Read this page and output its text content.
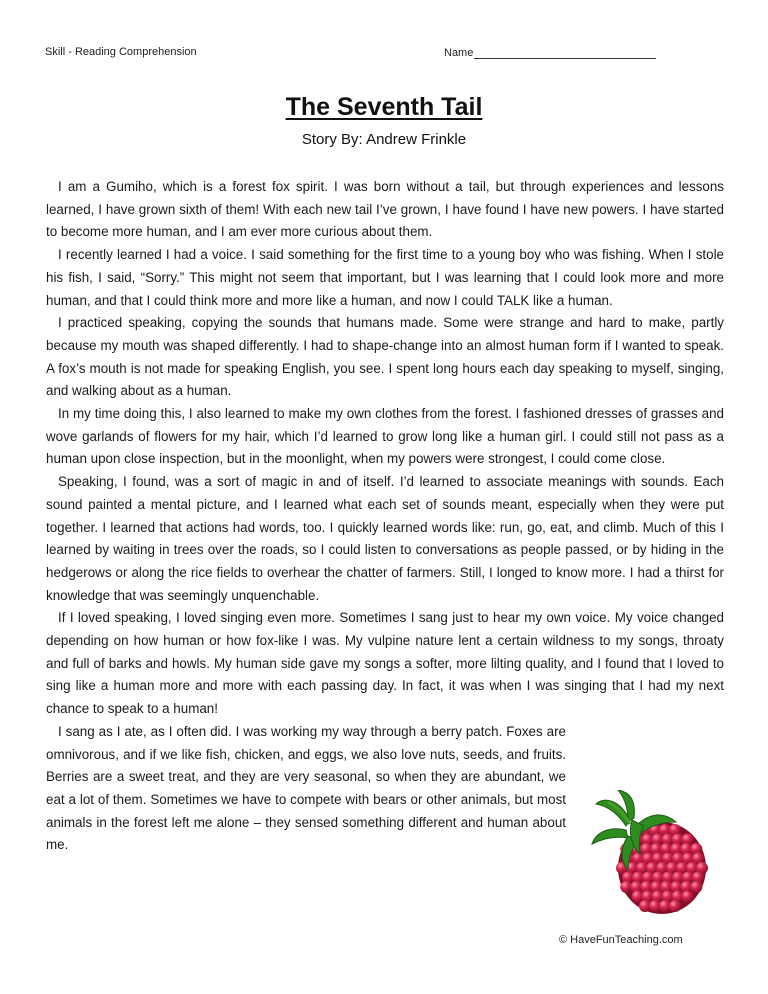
Skill - Reading Comprehension	Name
The Seventh Tail
Story By: Andrew Frinkle

I am a Gumiho, which is a forest fox spirit. I was born without a tail, but through experiences and lessons learned, I have grown sixth of them! With each new tail I’ve grown, I have found I have new powers. I have started to become more human, and I am ever more curious about them.

I recently learned I had a voice. I said something for the first time to a young boy who was fishing. When I stole his fish, I said, “Sorry.” This might not seem that important, but I was learning that I could look more and more human, and that I could think more and more like a human, and now I could TALK like a human.

I practiced speaking, copying the sounds that humans made. Some were strange and hard to make, partly because my mouth was shaped differently. I had to shape-change into an almost human form if I wanted to speak. A fox’s mouth is not made for speaking English, you see. I spent long hours each day speaking to myself, singing, and walking about as a human.

In my time doing this, I also learned to make my own clothes from the forest. I fashioned dresses of grasses and wove garlands of flowers for my hair, which I’d learned to grow long like a human girl. I could still not pass as a human upon close inspection, but in the moonlight, when my powers were strongest, I could come close.

Speaking, I found, was a sort of magic in and of itself. I’d learned to associate meanings with sounds. Each sound painted a mental picture, and I learned what each set of sounds meant, especially when they were put together. I learned that actions had words, too. I quickly learned words like: run, go, eat, and climb. Much of this I learned by waiting in trees over the roads, so I could listen to conversations as people passed, or by hiding in the hedgerows or along the rice fields to overhear the chatter of farmers. Still, I longed to know more. I had a thirst for knowledge that was seemingly unquenchable.

If I loved speaking, I loved singing even more. Sometimes I sang just to hear my own voice. My voice changed depending on how human or how fox-like I was. My vulpine nature lent a certain wildness to my songs, throaty and full of barks and howls. My human side gave my songs a softer, more lilting quality, and I found that I loved to sing like a human more and more with each passing day. In fact, it was when I was singing that I had my next chance to speak to a human!

I sang as I ate, as I often did. I was working my way through a berry patch. Foxes are omnivorous, and if we like fish, chicken, and eggs, we also love nuts, seeds, and fruits. Berries are a sweet treat, and they are very seasonal, so when they are abundant, we eat a lot of them. Sometimes we have to compete with bears or other animals, but most animals in the forest left me alone – they sensed something different and human about me.

© HaveFunTeaching.com
